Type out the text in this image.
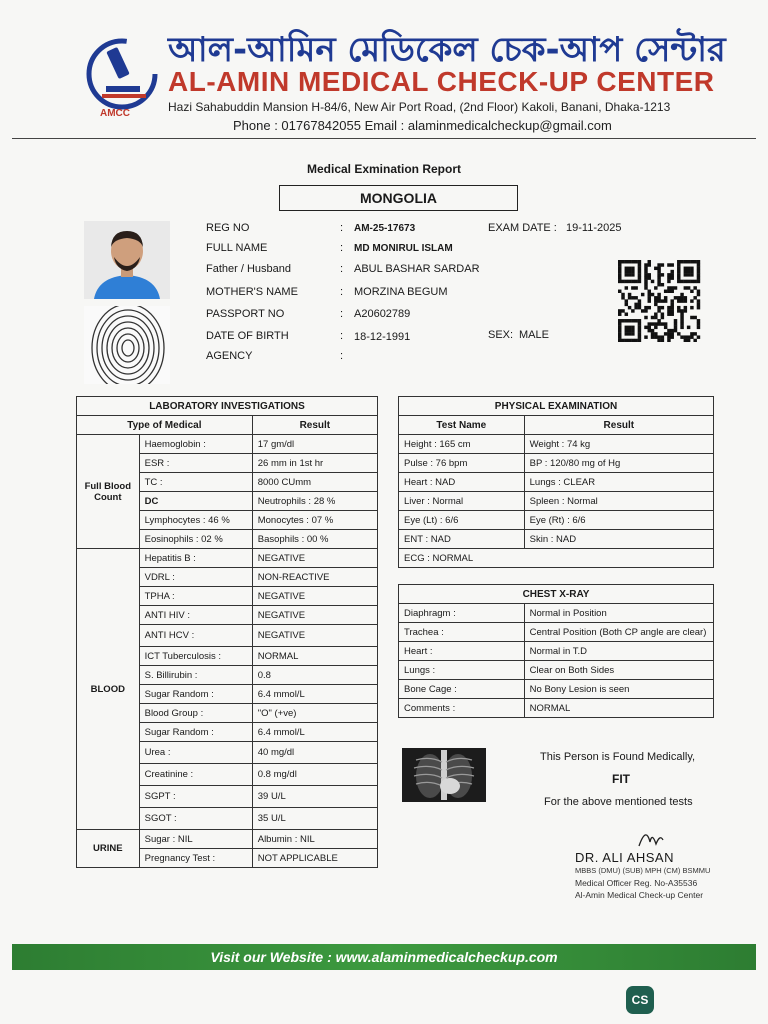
AMCC
আল-আমিন মেডিকেল চেক-আপ সেন্টার
AL-AMIN MEDICAL CHECK-UP CENTER
Hazi Sahabuddin Mansion H-84/6, New Air Port Road, (2nd Floor) Kakoli, Banani, Dhaka-1213
Phone : 01767842055 Email : alaminmedicalcheckup@gmail.com
Medical Exmination Report
MONGOLIA
REG NO	: AM-25-17673	EXAM DATE : 19-11-2025
FULL NAME	: MD MONIRUL ISLAM
Father / Husband	: ABUL BASHAR SARDAR
MOTHER'S NAME	: MORZINA BEGUM
PASSPORT NO	: A20602789
DATE OF BIRTH	: 18-12-1991	SEX: MALE
AGENCY	:
LABORATORY INVESTIGATIONS		
Type of Medical		Result
Full Blood Count	Haemoglobin :	17 gm/dl
	ESR :	26 mm in 1st hr
	TC :	8000 CUmm
	DC	Neutrophils : 28 %
	Lymphocytes : 46 %	Monocytes : 07 %
	Eosinophils : 02 %	Basophils : 00 %
BLOOD	Hepatitis B :	NEGATIVE
	VDRL :	NON-REACTIVE
	TPHA :	NEGATIVE
	ANTI HIV :	NEGATIVE
	ANTI HCV :	NEGATIVE
	ICT Tuberculosis :	NORMAL
	S. Billirubin :	0.8
	Sugar Random :	6.4 mmol/L
	Blood Group :	"O" (+ve)
	Sugar Random :	6.4 mmol/L
	Urea :	40 mg/dl
	Creatinine :	0.8 mg/dl
	SGPT :	39 U/L
	SGOT :	35 U/L
URINE	Sugar : NIL	Albumin : NIL
	Pregnancy Test :	NOT APPLICABLE
PHYSICAL EXAMINATION	
Test Name	Result
Height : 165 cm	Weight : 74 kg
Pulse : 76 bpm	BP : 120/80 mg of Hg
Heart : NAD	Lungs : CLEAR
Liver : Normal	Spleen : Normal
Eye (Lt) : 6/6	Eye (Rt) : 6/6
ENT : NAD	Skin : NAD
ECG : NORMAL	
CHEST X-RAY	
Diaphragm :	Normal in Position
Trachea :	Central Position (Both CP angle are clear)
Heart :	Normal in T.D
Lungs :	Clear on Both Sides
Bone Cage :	No Bony Lesion is seen
Comments :	NORMAL
This Person is Found Medically,
FIT
For the above mentioned tests
DR. ALI AHSAN
MBBS (DMU) (SUB) MPH (CM) BSMMU
Medical Officer Reg. No-A35536
Al-Amin Medical Check-up Center
Visit our Website : www.alaminmedicalcheckup.com
CS
